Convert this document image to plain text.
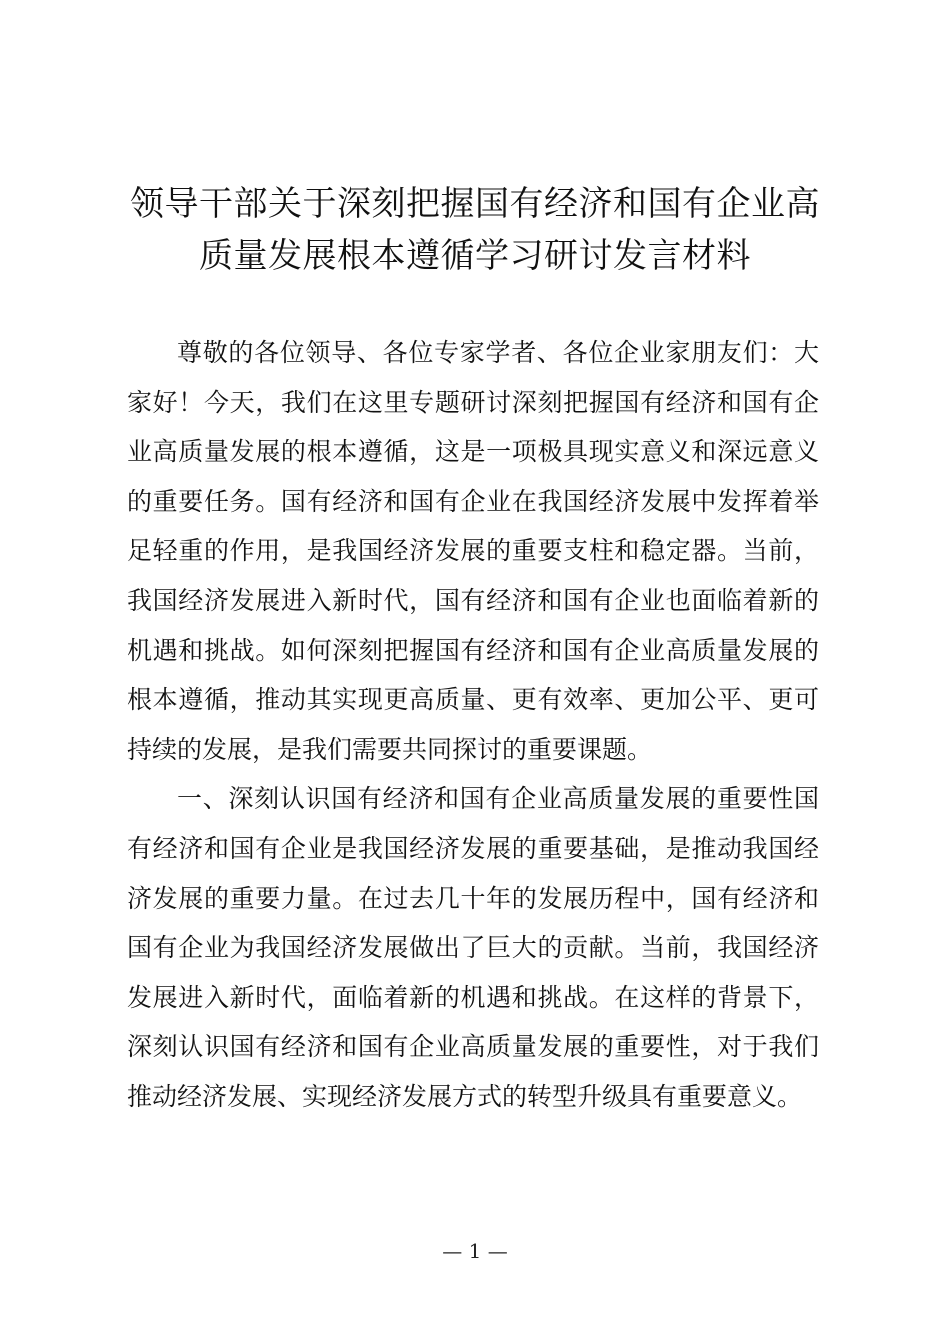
领导干部关于深刻把握国有经济和国有企业高
质量发展根本遵循学习研讨发言材料

尊敬的各位领导、各位专家学者、各位企业家朋友们：大家好！今天，我们在这里专题研讨深刻把握国有经济和国有企业高质量发展的根本遵循，这是一项极具现实意义和深远意义的重要任务。国有经济和国有企业在我国经济发展中发挥着举足轻重的作用，是我国经济发展的重要支柱和稳定器。当前，我国经济发展进入新时代，国有经济和国有企业也面临着新的机遇和挑战。如何深刻把握国有经济和国有企业高质量发展的根本遵循，推动其实现更高质量、更有效率、更加公平、更可持续的发展，是我们需要共同探讨的重要课题。

一、深刻认识国有经济和国有企业高质量发展的重要性国有经济和国有企业是我国经济发展的重要基础，是推动我国经济发展的重要力量。在过去几十年的发展历程中，国有经济和国有企业为我国经济发展做出了巨大的贡献。当前，我国经济发展进入新时代，面临着新的机遇和挑战。在这样的背景下，深刻认识国有经济和国有企业高质量发展的重要性，对于我们推动经济发展、实现经济发展方式的转型升级具有重要意义。

— 1 —
